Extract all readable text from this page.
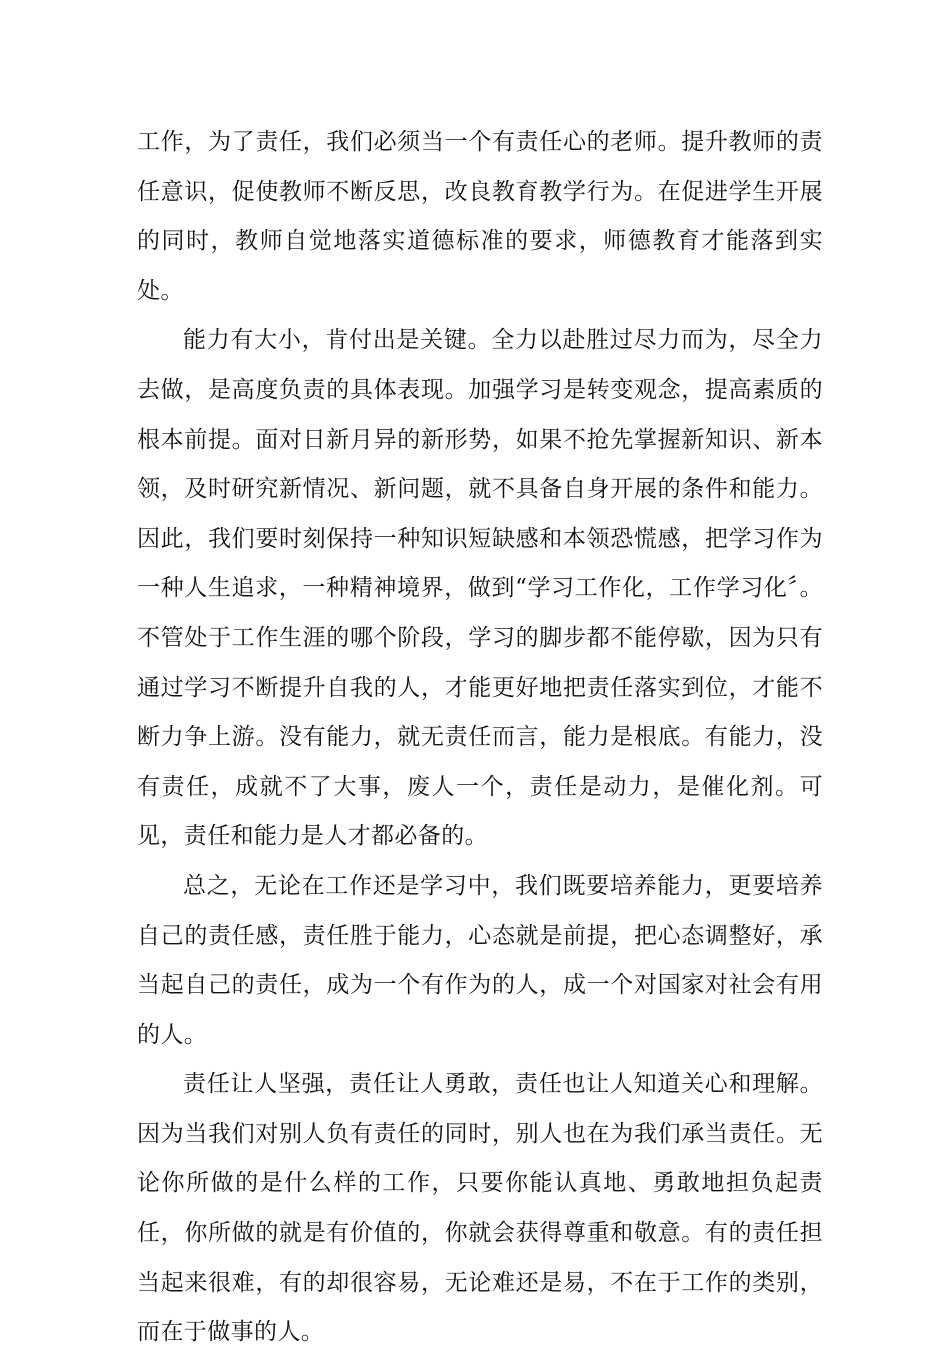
工作，为了责任，我们必须当一个有责任心的老师。提升教师的责任意识，促使教师不断反思，改良教育教学行为。在促进学生开展的同时，教师自觉地落实道德标准的要求，师德教育才能落到实处。

能力有大小，肯付出是关键。全力以赴胜过尽力而为，尽全力去做，是高度负责的具体表现。加强学习是转变观念，提高素质的根本前提。面对日新月异的新形势，如果不抢先掌握新知识、新本领，及时研究新情况、新问题，就不具备自身开展的条件和能力。因此，我们要时刻保持一种知识短缺感和本领恐慌感，把学习作为一种人生追求，一种精神境界，做到“学习工作化，工作学习化〞。不管处于工作生涯的哪个阶段，学习的脚步都不能停歇，因为只有通过学习不断提升自我的人，才能更好地把责任落实到位，才能不断力争上游。没有能力，就无责任而言，能力是根底。有能力，没有责任，成就不了大事，废人一个，责任是动力，是催化剂。可见，责任和能力是人才都必备的。

总之，无论在工作还是学习中，我们既要培养能力，更要培养自己的责任感，责任胜于能力，心态就是前提，把心态调整好，承当起自己的责任，成为一个有作为的人，成一个对国家对社会有用的人。

责任让人坚强，责任让人勇敢，责任也让人知道关心和理解。因为当我们对别人负有责任的同时，别人也在为我们承当责任。无论你所做的是什么样的工作，只要你能认真地、勇敢地担负起责任，你所做的就是有价值的，你就会获得尊重和敬意。有的责任担当起来很难，有的却很容易，无论难还是易，不在于工作的类别，而在于做事的人。
